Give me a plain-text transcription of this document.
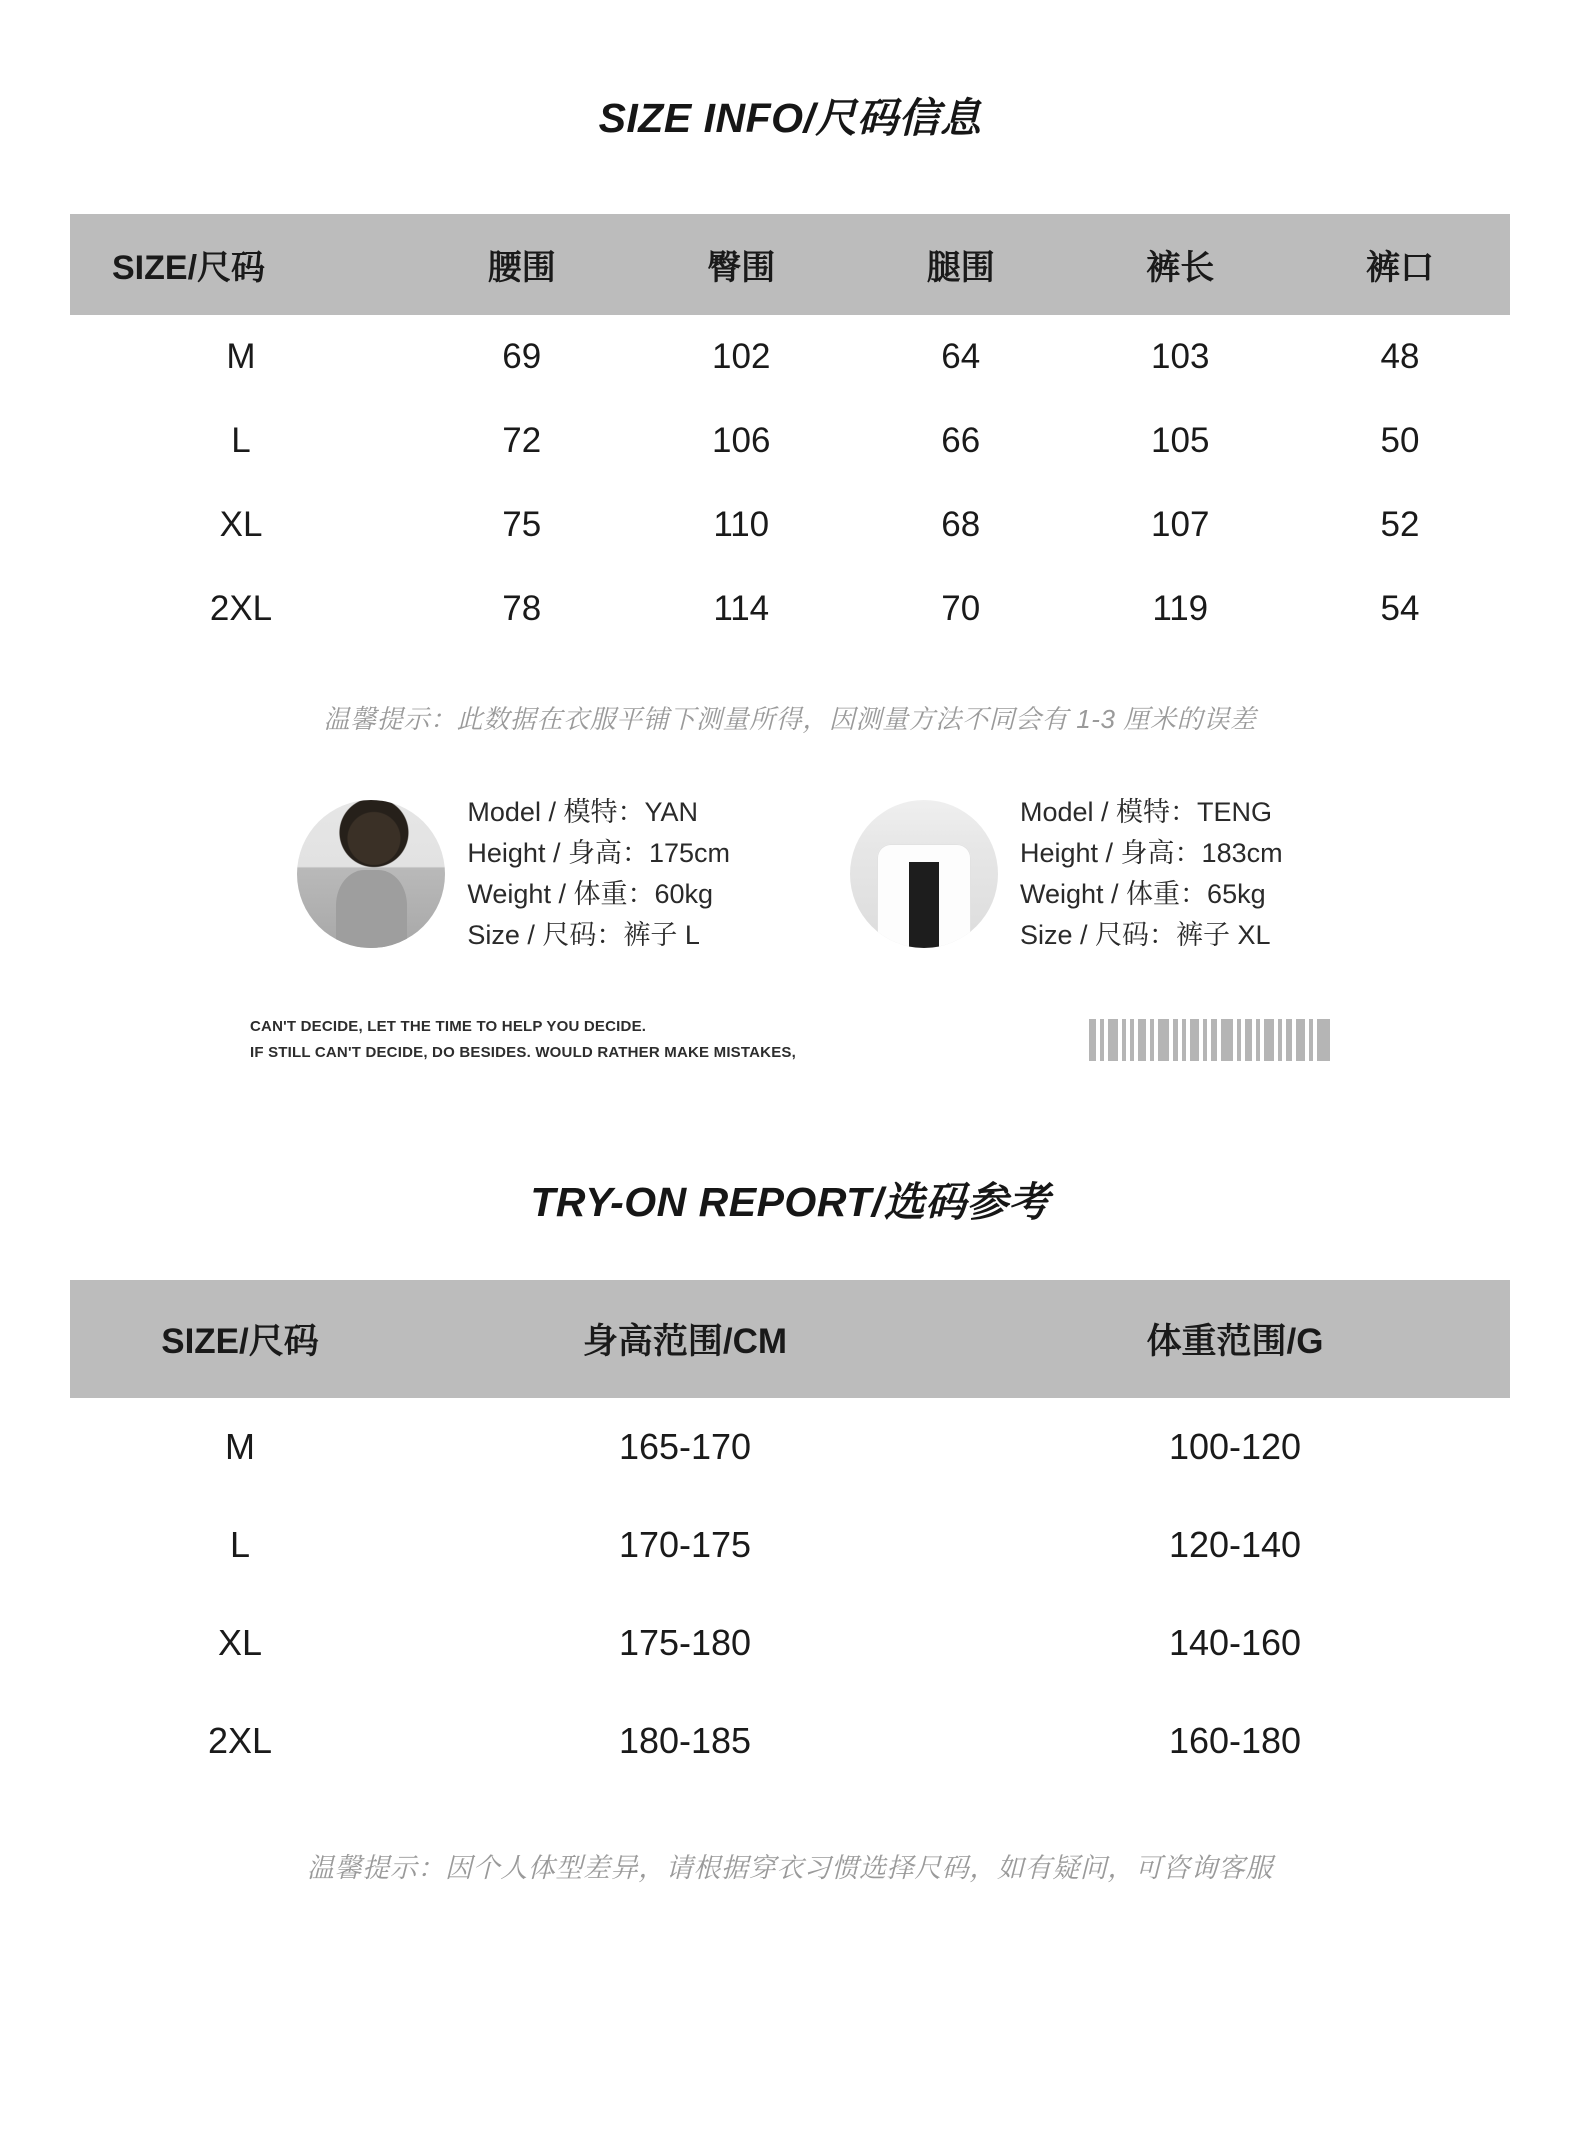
SIZE INFO/尺码信息
SIZE/尺码	腰围	臀围	腿围	裤长	裤口
M	69	102	64	103	48
L	72	106	66	105	50
XL	75	110	68	107	52
2XL	78	114	70	119	54
温馨提示：此数据在衣服平铺下测量所得，因测量方法不同会有 1-3 厘米的误差
Model / 模特：YAN
Height / 身高：175cm
Weight / 体重：60kg
Size / 尺码：裤子 L
Model / 模特：TENG
Height / 身高：183cm
Weight / 体重：65kg
Size / 尺码：裤子 XL
CAN'T DECIDE, LET THE TIME TO HELP YOU DECIDE.
IF STILL CAN'T DECIDE, DO BESIDES. WOULD RATHER MAKE MISTAKES,
TRY-ON REPORT/选码参考
SIZE/尺码	身高范围/CM	体重范围/G
M	165-170	100-120
L	170-175	120-140
XL	175-180	140-160
2XL	180-185	160-180
温馨提示：因个人体型差异，请根据穿衣习惯选择尺码，如有疑问，可咨询客服
